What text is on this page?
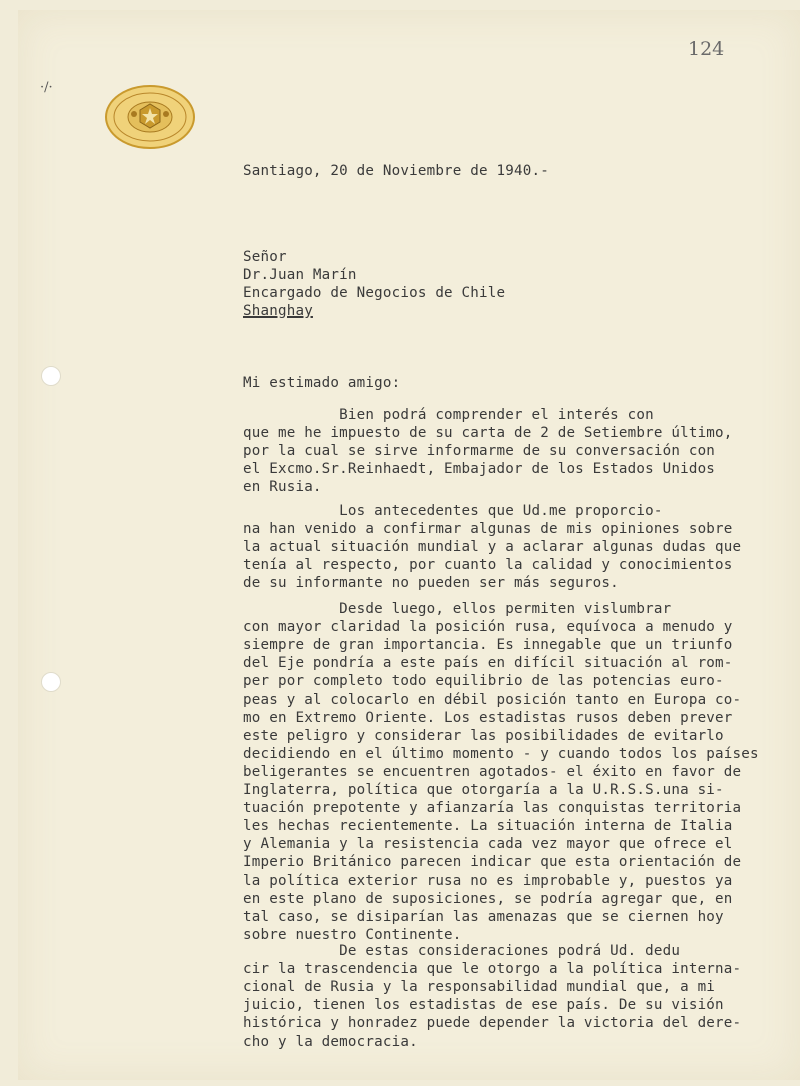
124
·/·
Santiago, 20 de Noviembre de 1940.-
Señor
Dr.Juan Marín
Encargado de Negocios de Chile
Shanghay
Mi estimado amigo:
Bien podrá comprender el interés con
que me he impuesto de su carta de 2 de Setiembre último,
por la cual se sirve informarme de su conversación con
el Excmo.Sr.Reinhaedt, Embajador de los Estados Unidos
en Rusia.
Los antecedentes que Ud.me proporcio-
na han venido a confirmar algunas de mis opiniones sobre
la actual situación mundial y a aclarar algunas dudas que
tenía al respecto, por cuanto la calidad y conocimientos
de su informante no pueden ser más seguros.
Desde luego, ellos permiten vislumbrar
con mayor claridad la posición rusa, equívoca a menudo y
siempre de gran importancia. Es innegable que un triunfo
del Eje pondría a este país en difícil situación al rom-
per por completo todo equilibrio de las potencias euro-
peas y al colocarlo en débil posición tanto en Europa co-
mo en Extremo Oriente. Los estadistas rusos deben prever
este peligro y considerar las posibilidades de evitarlo
decidiendo en el último momento - y cuando todos los países
beligerantes se encuentren agotados- el éxito en favor de
Inglaterra, política que otorgaría a la U.R.S.S.una si-
tuación prepotente y afianzaría las conquistas territoria
les hechas recientemente. La situación interna de Italia
y Alemania y la resistencia cada vez mayor que ofrece el
Imperio Británico parecen indicar que esta orientación de
la política exterior rusa no es improbable y, puestos ya
en este plano de suposiciones, se podría agregar que, en
tal caso, se disiparían las amenazas que se ciernen hoy
sobre nuestro Continente.
De estas consideraciones podrá Ud. dedu
cir la trascendencia que le otorgo a la política interna-
cional de Rusia y la responsabilidad mundial que, a mi
juicio, tienen los estadistas de ese país. De su visión
histórica y honradez puede depender la victoria del dere-
cho y la democracia.
